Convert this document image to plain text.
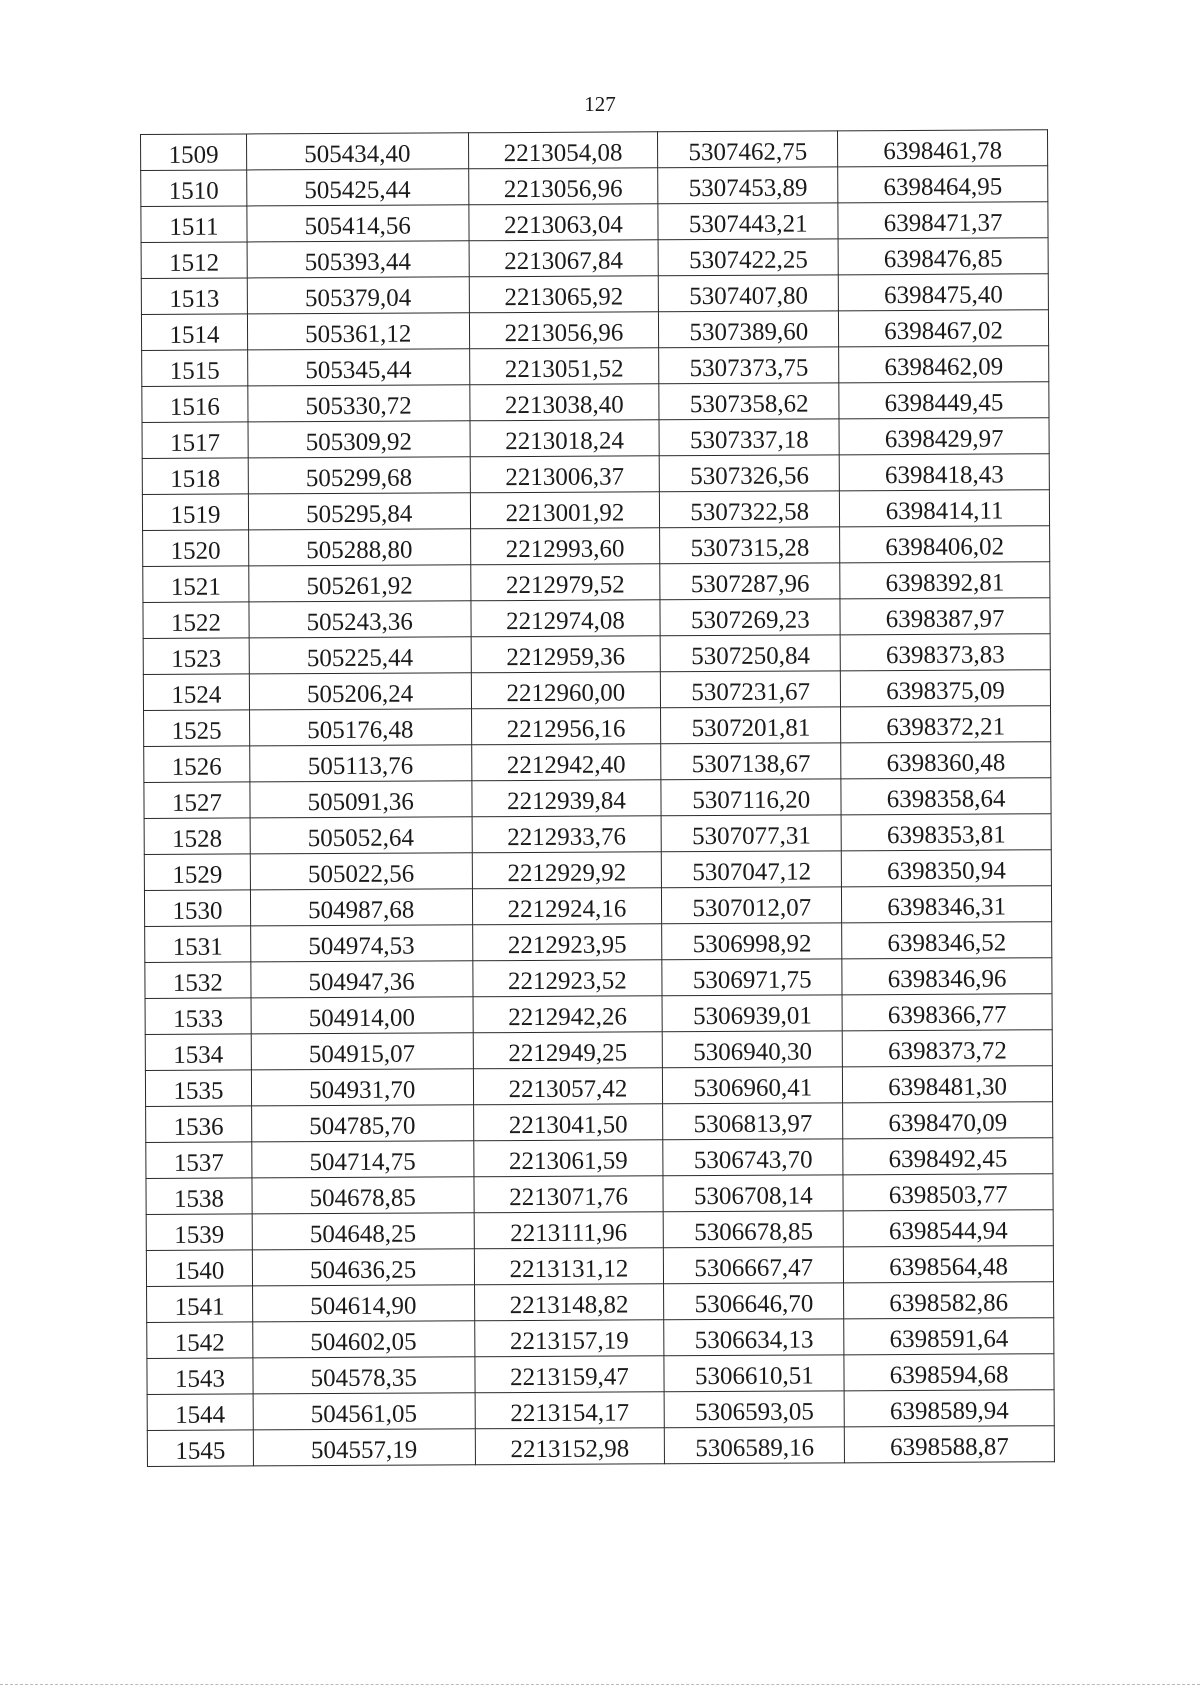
127
1509	505434,40	2213054,08	5307462,75	6398461,78
1510	505425,44	2213056,96	5307453,89	6398464,95
1511	505414,56	2213063,04	5307443,21	6398471,37
1512	505393,44	2213067,84	5307422,25	6398476,85
1513	505379,04	2213065,92	5307407,80	6398475,40
1514	505361,12	2213056,96	5307389,60	6398467,02
1515	505345,44	2213051,52	5307373,75	6398462,09
1516	505330,72	2213038,40	5307358,62	6398449,45
1517	505309,92	2213018,24	5307337,18	6398429,97
1518	505299,68	2213006,37	5307326,56	6398418,43
1519	505295,84	2213001,92	5307322,58	6398414,11
1520	505288,80	2212993,60	5307315,28	6398406,02
1521	505261,92	2212979,52	5307287,96	6398392,81
1522	505243,36	2212974,08	5307269,23	6398387,97
1523	505225,44	2212959,36	5307250,84	6398373,83
1524	505206,24	2212960,00	5307231,67	6398375,09
1525	505176,48	2212956,16	5307201,81	6398372,21
1526	505113,76	2212942,40	5307138,67	6398360,48
1527	505091,36	2212939,84	5307116,20	6398358,64
1528	505052,64	2212933,76	5307077,31	6398353,81
1529	505022,56	2212929,92	5307047,12	6398350,94
1530	504987,68	2212924,16	5307012,07	6398346,31
1531	504974,53	2212923,95	5306998,92	6398346,52
1532	504947,36	2212923,52	5306971,75	6398346,96
1533	504914,00	2212942,26	5306939,01	6398366,77
1534	504915,07	2212949,25	5306940,30	6398373,72
1535	504931,70	2213057,42	5306960,41	6398481,30
1536	504785,70	2213041,50	5306813,97	6398470,09
1537	504714,75	2213061,59	5306743,70	6398492,45
1538	504678,85	2213071,76	5306708,14	6398503,77
1539	504648,25	2213111,96	5306678,85	6398544,94
1540	504636,25	2213131,12	5306667,47	6398564,48
1541	504614,90	2213148,82	5306646,70	6398582,86
1542	504602,05	2213157,19	5306634,13	6398591,64
1543	504578,35	2213159,47	5306610,51	6398594,68
1544	504561,05	2213154,17	5306593,05	6398589,94
1545	504557,19	2213152,98	5306589,16	6398588,87
